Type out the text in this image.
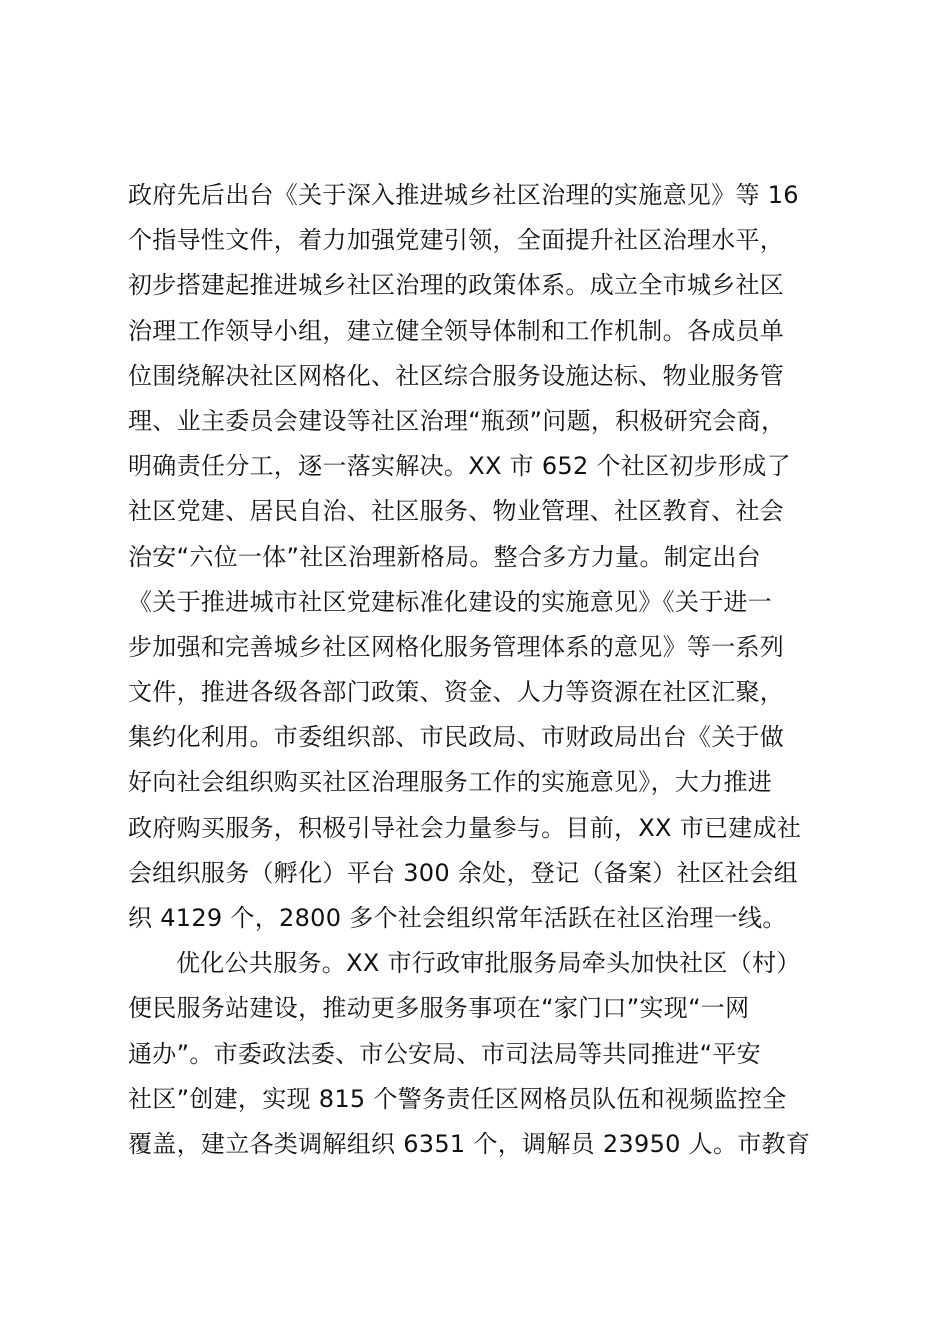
政府先后出台《关于深入推进城乡社区治理的实施意见》等 16
个指导性文件，着力加强党建引领，全面提升社区治理水平，
初步搭建起推进城乡社区治理的政策体系。成立全市城乡社区
治理工作领导小组，建立健全领导体制和工作机制。各成员单
位围绕解决社区网格化、社区综合服务设施达标、物业服务管
理、业主委员会建设等社区治理“瓶颈”问题，积极研究会商，
明确责任分工，逐一落实解决。XX 市 652 个社区初步形成了
社区党建、居民自治、社区服务、物业管理、社区教育、社会
治安“六位一体”社区治理新格局。整合多方力量。制定出台
《关于推进城市社区党建标准化建设的实施意见》《关于进一
步加强和完善城乡社区网格化服务管理体系的意见》等一系列
文件，推进各级各部门政策、资金、人力等资源在社区汇聚，
集约化利用。市委组织部、市民政局、市财政局出台《关于做
好向社会组织购买社区治理服务工作的实施意见》，大力推进
政府购买服务，积极引导社会力量参与。目前，XX 市已建成社
会组织服务（孵化）平台 300 余处，登记（备案）社区社会组
织 4129 个，2800 多个社会组织常年活跃在社区治理一线。
优化公共服务。XX 市行政审批服务局牵头加快社区（村）
便民服务站建设，推动更多服务事项在“家门口”实现“一网
通办”。市委政法委、市公安局、市司法局等共同推进“平安
社区”创建，实现 815 个警务责任区网格员队伍和视频监控全
覆盖，建立各类调解组织 6351 个，调解员 23950 人。市教育
